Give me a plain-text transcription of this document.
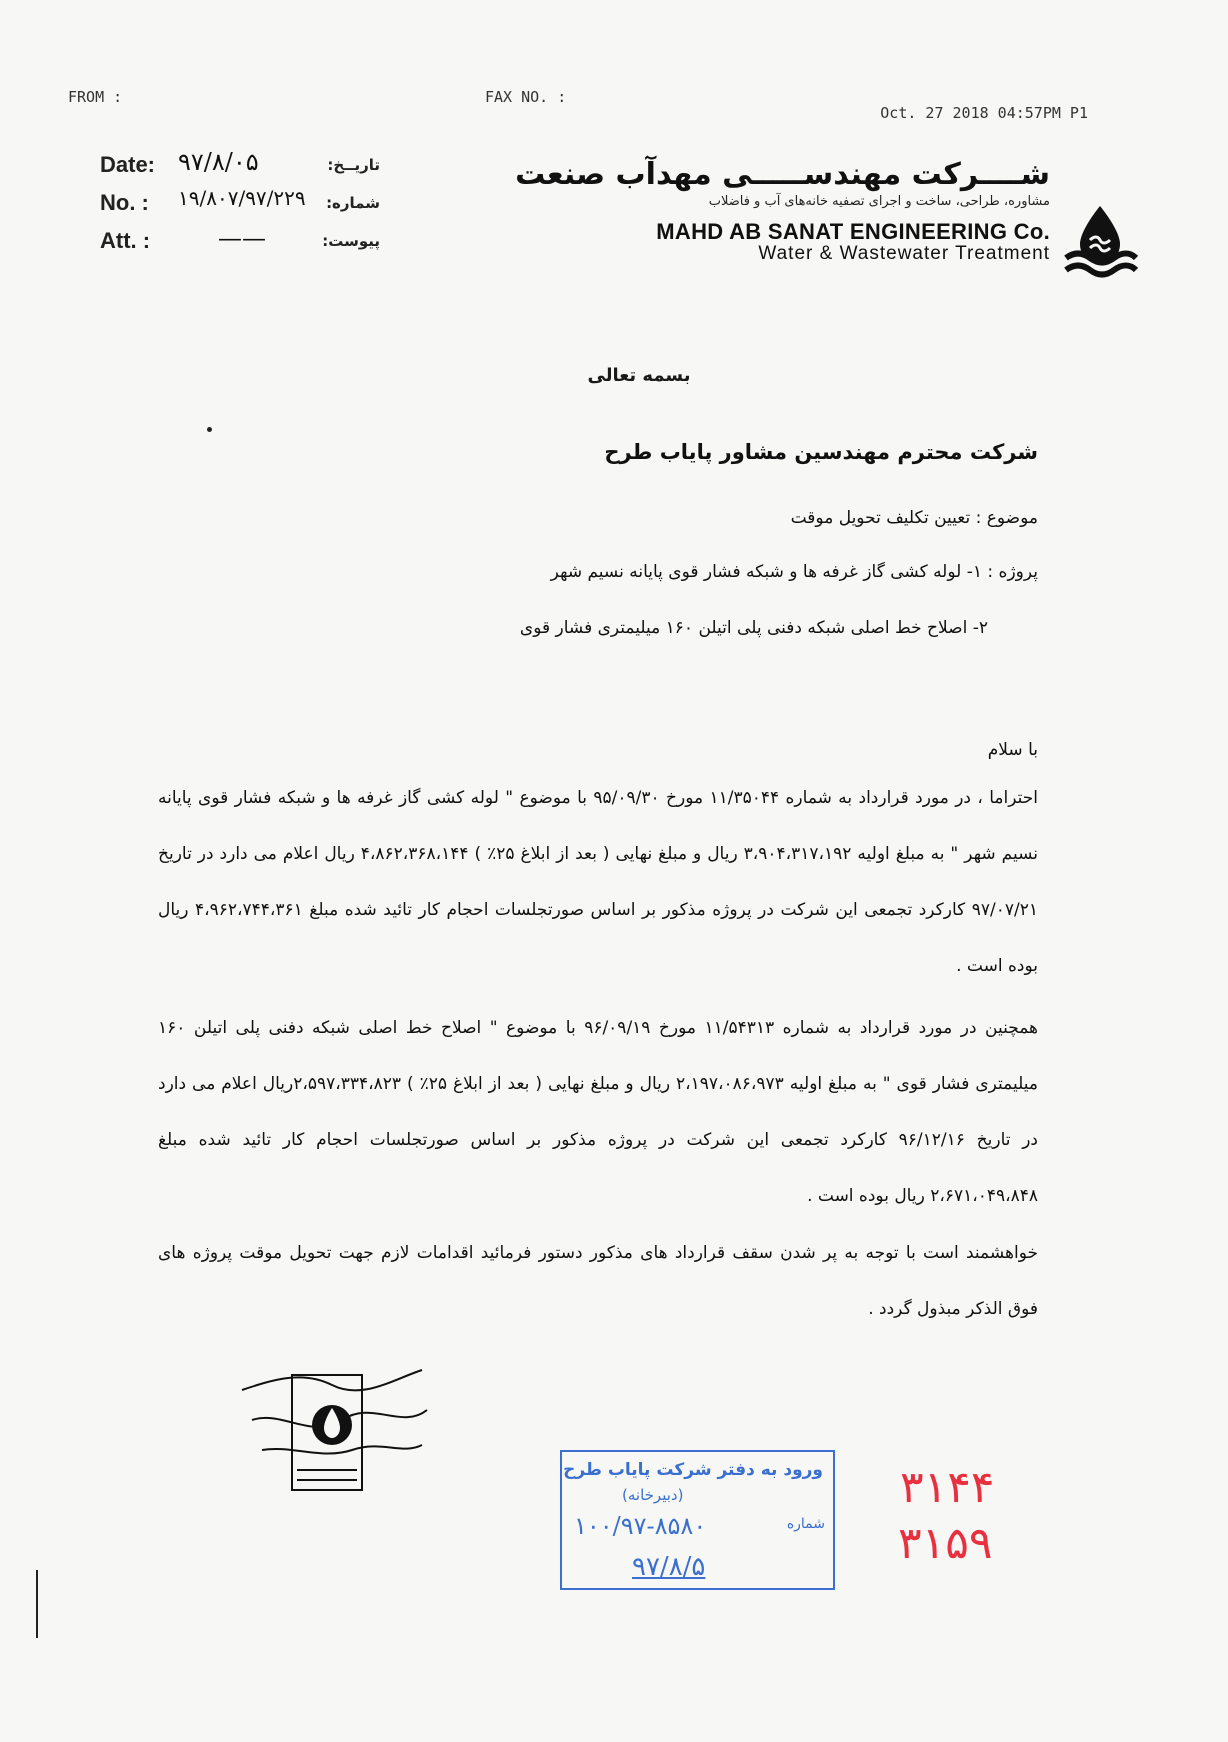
FROM :	FAX NO. :
Oct. 27 2018 04:57PM P1
Date: ۹۷/۸/۰۵	تاریــخ:
No. : ۱۹/۸۰۷/۹۷/۲۲۹ شماره:
Att. :	——	پیوست:
شــــرکت مهندســـــی مهدآب صنعت
مشاوره، طراحی، ساخت و اجرای تصفیه خانه‌های آب و فاضلاب
MAHD AB SANAT ENGINEERING Co.
Water & Wastewater Treatment
بسمه تعالی
شرکت محترم مهندسین مشاور پایاب طرح
موضوع : تعیین تکلیف تحویل موقت
پروژه : ۱- لوله کشی گاز غرفه ها و شبکه فشار قوی پایانه نسیم شهر
۲- اصلاح خط اصلی شبکه دفنی پلی اتیلن ۱۶۰ میلیمتری فشار قوی
با سلام
احتراما ، در مورد قرارداد به شماره ۱۱/۳۵۰۴۴ مورخ ۹۵/۰۹/۳۰ با موضوع " لوله کشی گاز غرفه ها و شبکه فشار قوی پایانه نسیم شهر " به مبلغ اولیه ۳،۹۰۴،۳۱۷،۱۹۲ ریال و مبلغ نهایی ( بعد از ابلاغ ۲۵٪ ) ۴،۸۶۲،۳۶۸،۱۴۴ ریال اعلام می دارد در تاریخ ۹۷/۰۷/۲۱ کارکرد تجمعی این شرکت در پروژه مذکور بر اساس صورتجلسات احجام کار تائید شده مبلغ ۴،۹۶۲،۷۴۴،۳۶۱ ریال بوده است .
همچنین در مورد قرارداد به شماره ۱۱/۵۴۳۱۳ مورخ ۹۶/۰۹/۱۹ با موضوع " اصلاح خط اصلی شبکه دفنی پلی اتیلن ۱۶۰ میلیمتری فشار قوی " به مبلغ اولیه ۲،۱۹۷،۰۸۶،۹۷۳ ریال و مبلغ نهایی ( بعد از ابلاغ ۲۵٪ ) ۲،۵۹۷،۳۳۴،۸۲۳ریال اعلام می دارد در تاریخ ۹۶/۱۲/۱۶ کارکرد تجمعی این شرکت در پروژه مذکور بر اساس صورتجلسات احجام کار تائید شده مبلغ ۲،۶۷۱،۰۴۹،۸۴۸ ریال بوده است .
خواهشمند است با توجه به پر شدن سقف قرارداد های مذکور دستور فرمائید اقدامات لازم جهت تحویل موقت پروژه های فوق الذکر مبذول گردد .
ورود به دفتر شرکت پایاب طرح
(دبیرخانه)
شماره
۱۰۰/۹۷-۸۵۸۰
۹۷/۸/۵
۳۱۴۴
۳۱۵۹
